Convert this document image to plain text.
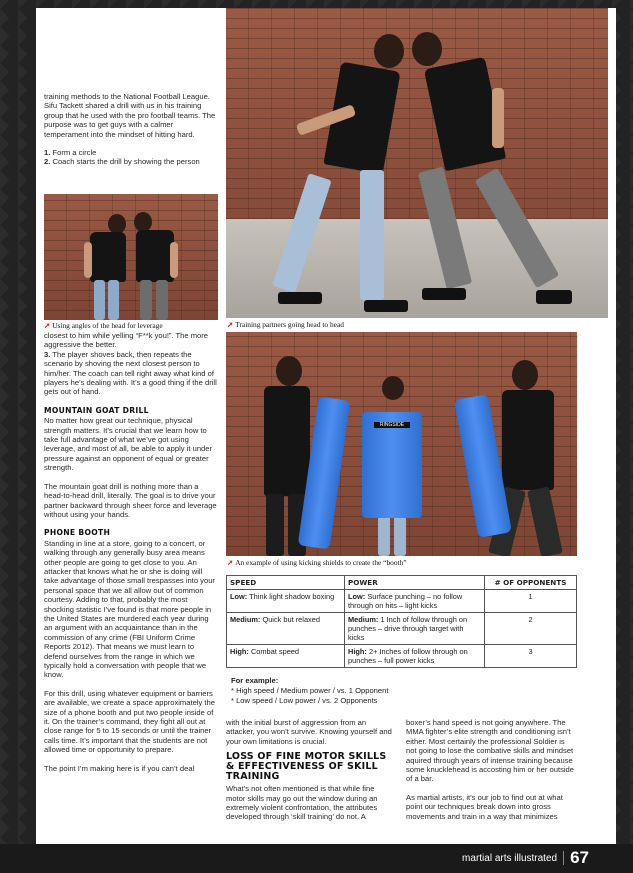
training methods to the National Football League. Sifu Tackett shared a drill with us in his training group that he used with the pro football teams. The purpose was to get guys with a calmer temperament into the mindset of hitting hard.

1. Form a circle
2. Coach starts the drill by showing the person
➚ Using angles of the head for leverage	➚ Training partners going head to head
RINGSIDE
➚ An example of using kicking shields to create the “booth”

closest to him while yelling “F**k you!”. The more aggressive the better.

3. The player shoves back, then repeats the scenario by shoving the next closest person to him/her. The coach can tell right away what kind of players he’s dealing with. It’s a good thing if the drill gets out of hand.

MOUNTAIN GOAT DRILL

No matter how great our technique, physical strength matters. It’s crucial that we learn how to take full advantage of what we’ve got using leverage, and most of all, be able to apply it under pressure against an opponent of equal or greater strength.

The mountain goat drill is nothing more than a head-to-head drill, literally. The goal is to drive your partner backward through sheer force and leverage without using your hands.

PHONE BOOTH

Standing in line at a store, going to a concert, or walking through any generally busy area means other people are going to get close to you. An attacker that knows what he or she is doing will take advantage of those small trespasses into your personal space that we all allow out of common courtesy. Adding to that, probably the most shocking statistic I’ve found is that more people in the United States are murdered each year during an argument with an acquaintance than in the commission of any crime (FBI Uniform Crime Reports 2012). That means we must learn to defend ourselves from the range in which we typically hold a conversation with people that we know.

For this drill, using whatever equipment or barriers are available, we create a space approximately the size of a phone booth and put two people inside of it. On the trainer’s command, they fight all out at close range for 5 to 15 seconds or until the trainer calls time. It’s important that the students are not allowed time or opportunity to prepare.

The point I’m making here is if you can’t deal

SPEED	POWER	# OF OPPONENTS
Low: Think light shadow boxing	Low: Surface punching – no follow through on hits – light kicks	1
Medium: Quick but relaxed	Medium: 1 Inch of follow through on punches – drive through target with kicks	2
High: Combat speed	High: 2+ Inches of follow through on punches – full power kicks	3
For example:
* High speed / Medium power / vs. 1 Opponent
* Low speed / Low power / vs. 2 Opponents

with the initial burst of aggression from an attacker, you won’t survive. Knowing yourself and your own limitations is crucial.

LOSS OF FINE MOTOR SKILLS & EFFECTIVENESS OF SKILL TRAINING

What’s not often mentioned is that while fine motor skills may go out the window during an extremely violent confrontation, the attributes developed through ‘skill training’ do not. A

boxer’s hand speed is not going anywhere. The MMA fighter’s elite strength and conditioning isn’t either. Most certainly the professional Soldier is not going to lose the combative skills and mindset aquired through years of intense training because some knucklehead is accosting him or her outside of a bar.

As martial artists, it’s our job to find out at what point our techniques break down into gross movements and train in a way that minimizes

martial arts illustrated 67
